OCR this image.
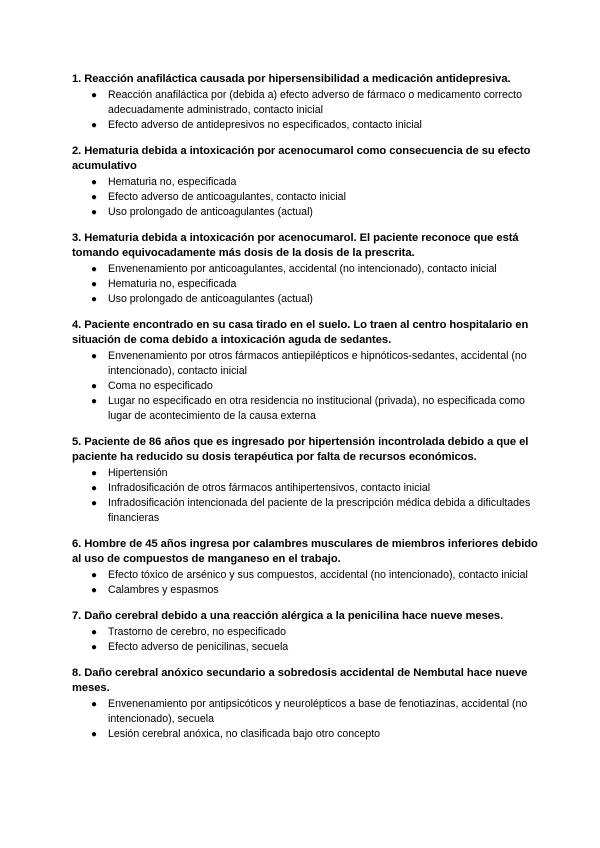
1. Reacción anafiláctica causada por hipersensibilidad a medicación antidepresiva.
● Reacción anafiláctica por (debida a) efecto adverso de fármaco o medicamento correcto adecuadamente administrado, contacto inicial
● Efecto adverso de antidepresivos no especificados, contacto inicial
2. Hematuria debida a intoxicación por acenocumarol como consecuencia de su efecto acumulativo
● Hematuria no, especificada
● Efecto adverso de anticoagulantes, contacto inicial
● Uso prolongado de anticoagulantes (actual)
3. Hematuria debida a intoxicación por acenocumarol. El paciente reconoce que está tomando equivocadamente más dosis de la dosis de la prescrita.
● Envenenamiento por anticoagulantes, accidental (no intencionado), contacto inicial
● Hematuria no, especificada
● Uso prolongado de anticoagulantes (actual)
4. Paciente encontrado en su casa tirado en el suelo. Lo traen al centro hospitalario en situación de coma debido a intoxicación aguda de sedantes.
● Envenenamiento por otros fármacos antiepilépticos e hipnóticos-sedantes, accidental (no intencionado), contacto inicial
● Coma no especificado
● Lugar no especificado en otra residencia no institucional (privada), no especificada como lugar de acontecimiento de la causa externa
5. Paciente de 86 años que es ingresado por hipertensión incontrolada debido a que el paciente ha reducido su dosis terapéutica por falta de recursos económicos.
● Hipertensión
● Infradosificación de otros fármacos antihipertensivos, contacto inicial
● Infradosificación intencionada del paciente de la prescripción médica debida a dificultades financieras
6. Hombre de 45 años ingresa por calambres musculares de miembros inferiores debido al uso de compuestos de manganeso en el trabajo.
● Efecto tóxico de arsénico y sus compuestos, accidental (no intencionado), contacto inicial
● Calambres y espasmos
7. Daño cerebral debido a una reacción alérgica a la penicilina hace nueve meses.
● Trastorno de cerebro, no especificado
● Efecto adverso de penicilinas, secuela
8. Daño cerebral anóxico secundario a sobredosis accidental de Nembutal hace nueve meses.
● Envenenamiento por antipsicóticos y neurolépticos a base de fenotiazinas, accidental (no intencionado), secuela
● Lesión cerebral anóxica, no clasificada bajo otro concepto
